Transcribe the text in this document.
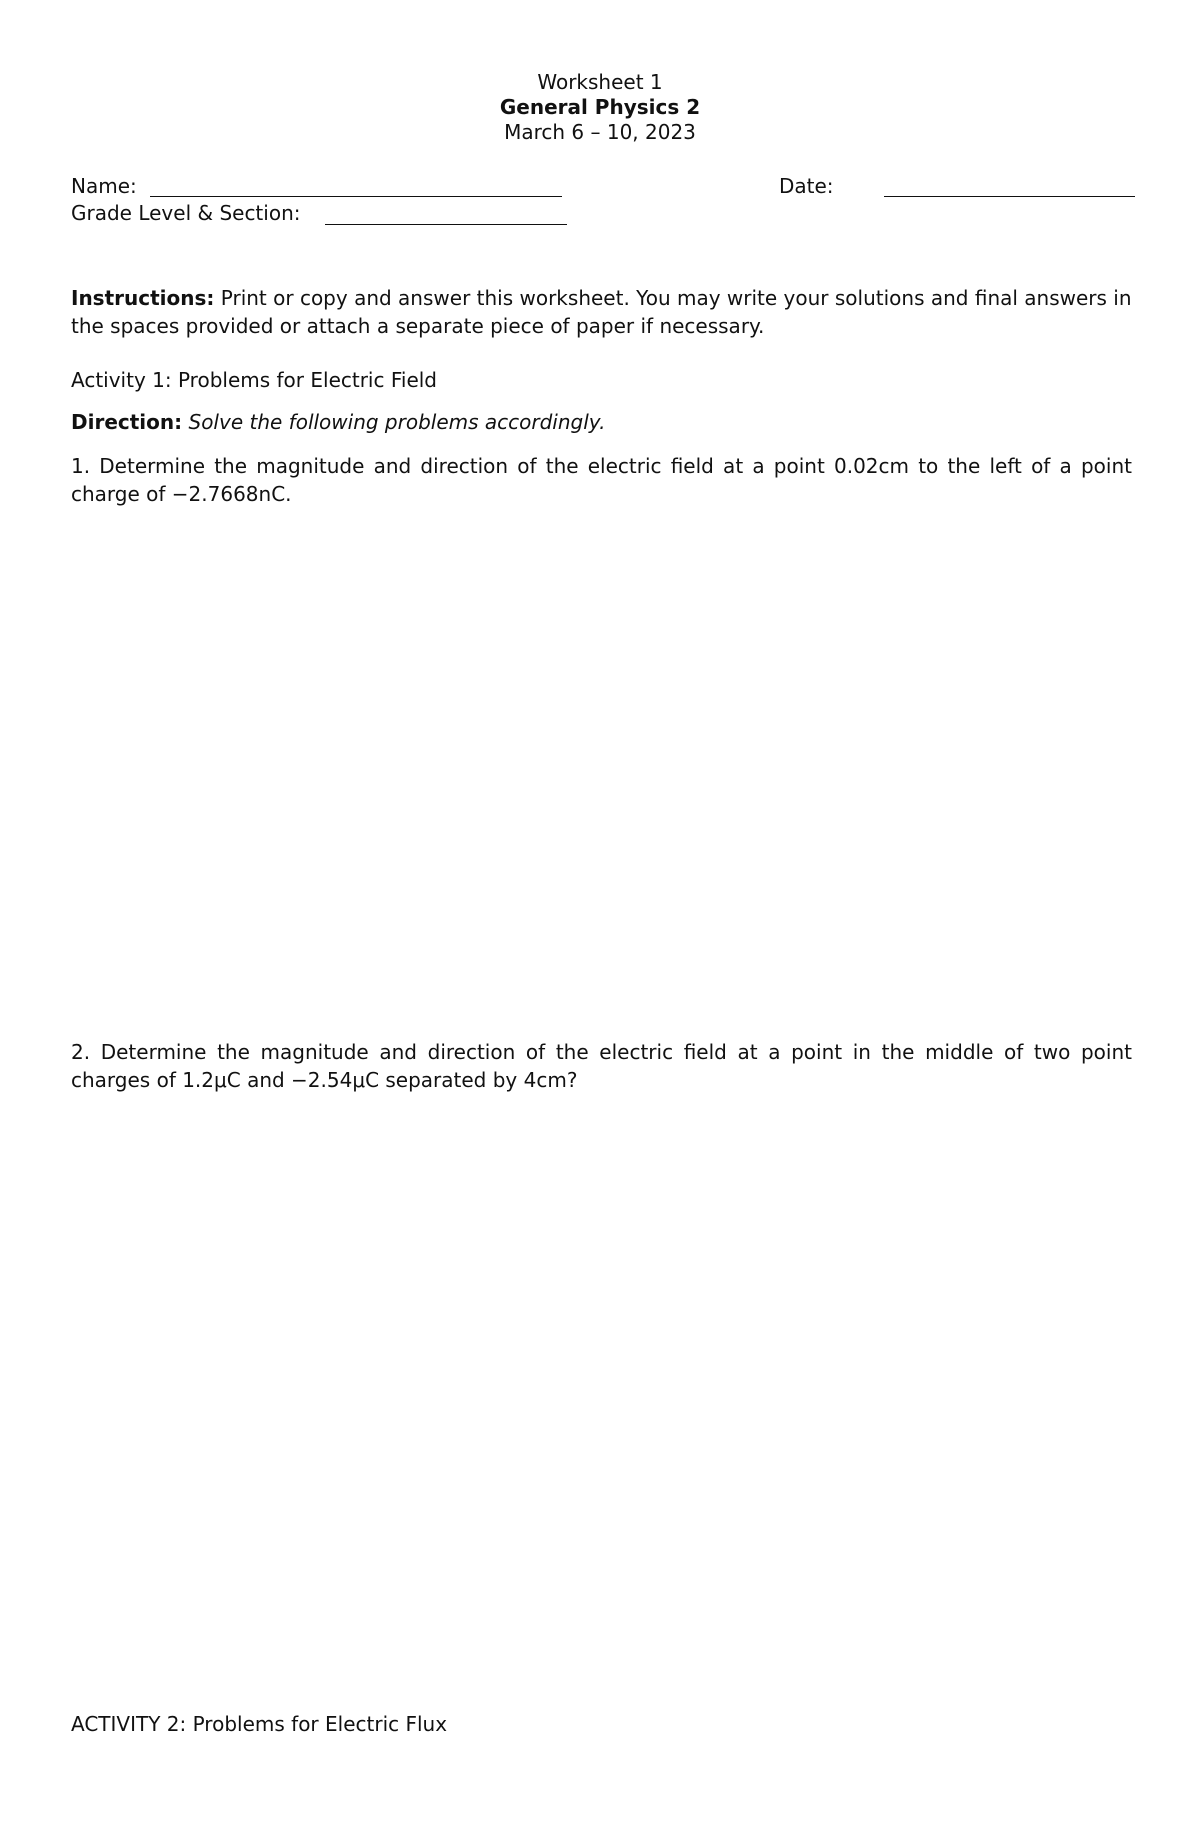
Worksheet 1
General Physics 2
March 6 – 10, 2023
Name:	Date:
Grade Level & Section:
Instructions: Print or copy and answer this worksheet. You may write your solutions and final answers in the spaces provided or attach a separate piece of paper if necessary.
Activity 1: Problems for Electric Field
Direction: Solve the following problems accordingly.
1. Determine the magnitude and direction of the electric field at a point 0.02cm to the left of a point charge of −2.7668nC.
2. Determine the magnitude and direction of the electric field at a point in the middle of two point charges of 1.2μC and −2.54μC separated by 4cm?
ACTIVITY 2: Problems for Electric Flux
